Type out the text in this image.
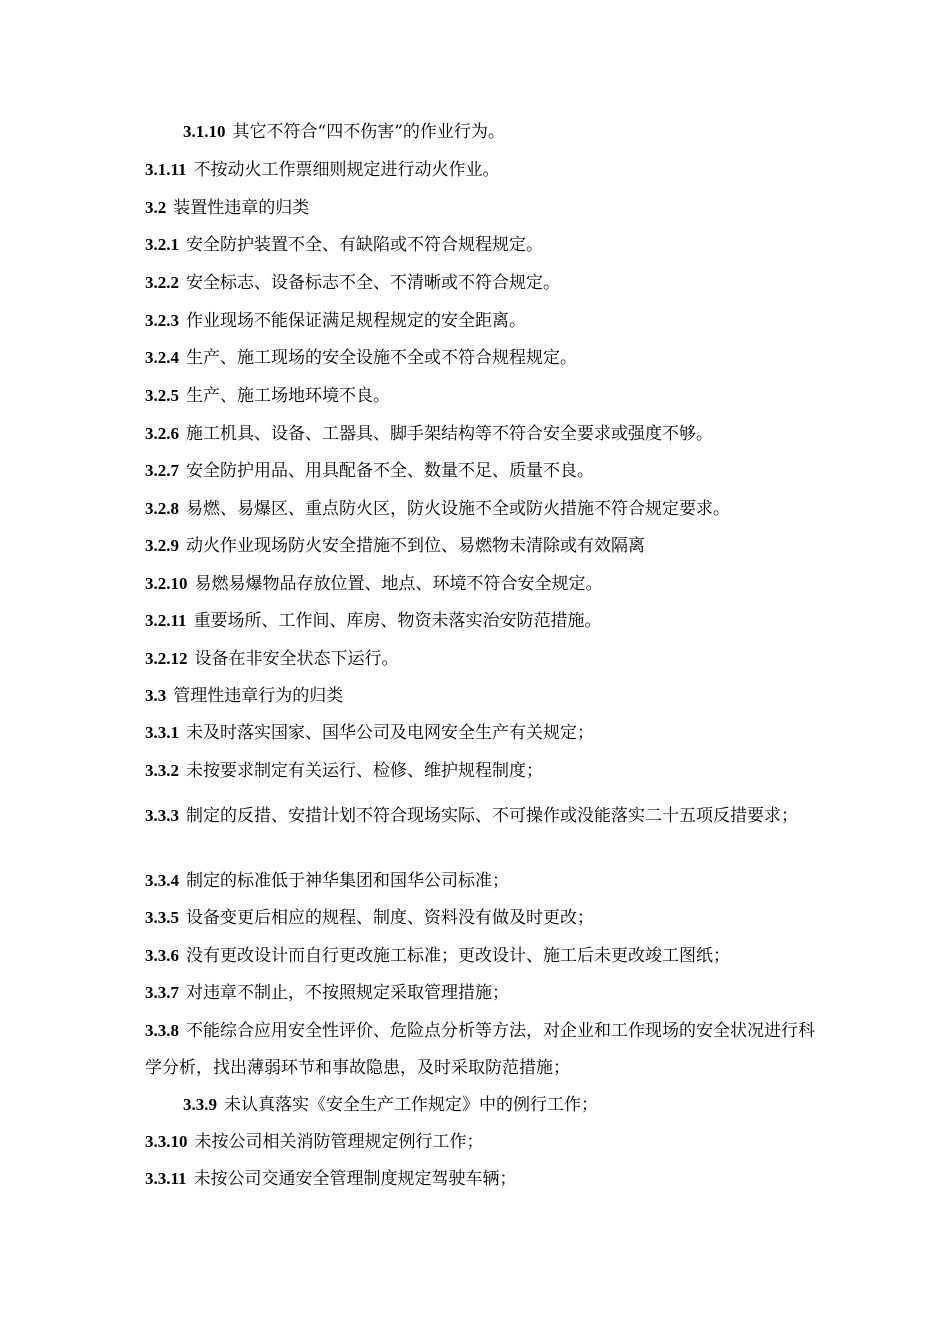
3.1.10 其它不符合“四不伤害”的作业行为。
3.1.11 不按动火工作票细则规定进行动火作业。
3.2 装置性违章的归类
3.2.1 安全防护装置不全、有缺陷或不符合规程规定。
3.2.2 安全标志、设备标志不全、不清晰或不符合规定。
3.2.3 作业现场不能保证满足规程规定的安全距离。
3.2.4 生产、施工现场的安全设施不全或不符合规程规定。
3.2.5 生产、施工场地环境不良。
3.2.6 施工机具、设备、工器具、脚手架结构等不符合安全要求或强度不够。
3.2.7 安全防护用品、用具配备不全、数量不足、质量不良。
3.2.8 易燃、易爆区、重点防火区，防火设施不全或防火措施不符合规定要求。
3.2.9 动火作业现场防火安全措施不到位、易燃物未清除或有效隔离
3.2.10 易燃易爆物品存放位置、地点、环境不符合安全规定。
3.2.11 重要场所、工作间、库房、物资未落实治安防范措施。
3.2.12 设备在非安全状态下运行。
3.3 管理性违章行为的归类
3.3.1 未及时落实国家、国华公司及电网安全生产有关规定；
3.3.2 未按要求制定有关运行、检修、维护规程制度；
3.3.3 制定的反措、安措计划不符合现场实际、不可操作或没能落实二十五项反措要求；
3.3.4 制定的标准低于神华集团和国华公司标准；
3.3.5 设备变更后相应的规程、制度、资料没有做及时更改；
3.3.6 没有更改设计而自行更改施工标准；更改设计、施工后未更改竣工图纸；
3.3.7 对违章不制止，不按照规定采取管理措施；
3.3.8 不能综合应用安全性评价、危险点分析等方法，对企业和工作现场的安全状况进行科学分析，找出薄弱环节和事故隐患，及时采取防范措施；
3.3.9 未认真落实《安全生产工作规定》中的例行工作；
3.3.10 未按公司相关消防管理规定例行工作；
3.3.11 未按公司交通安全管理制度规定驾驶车辆；
